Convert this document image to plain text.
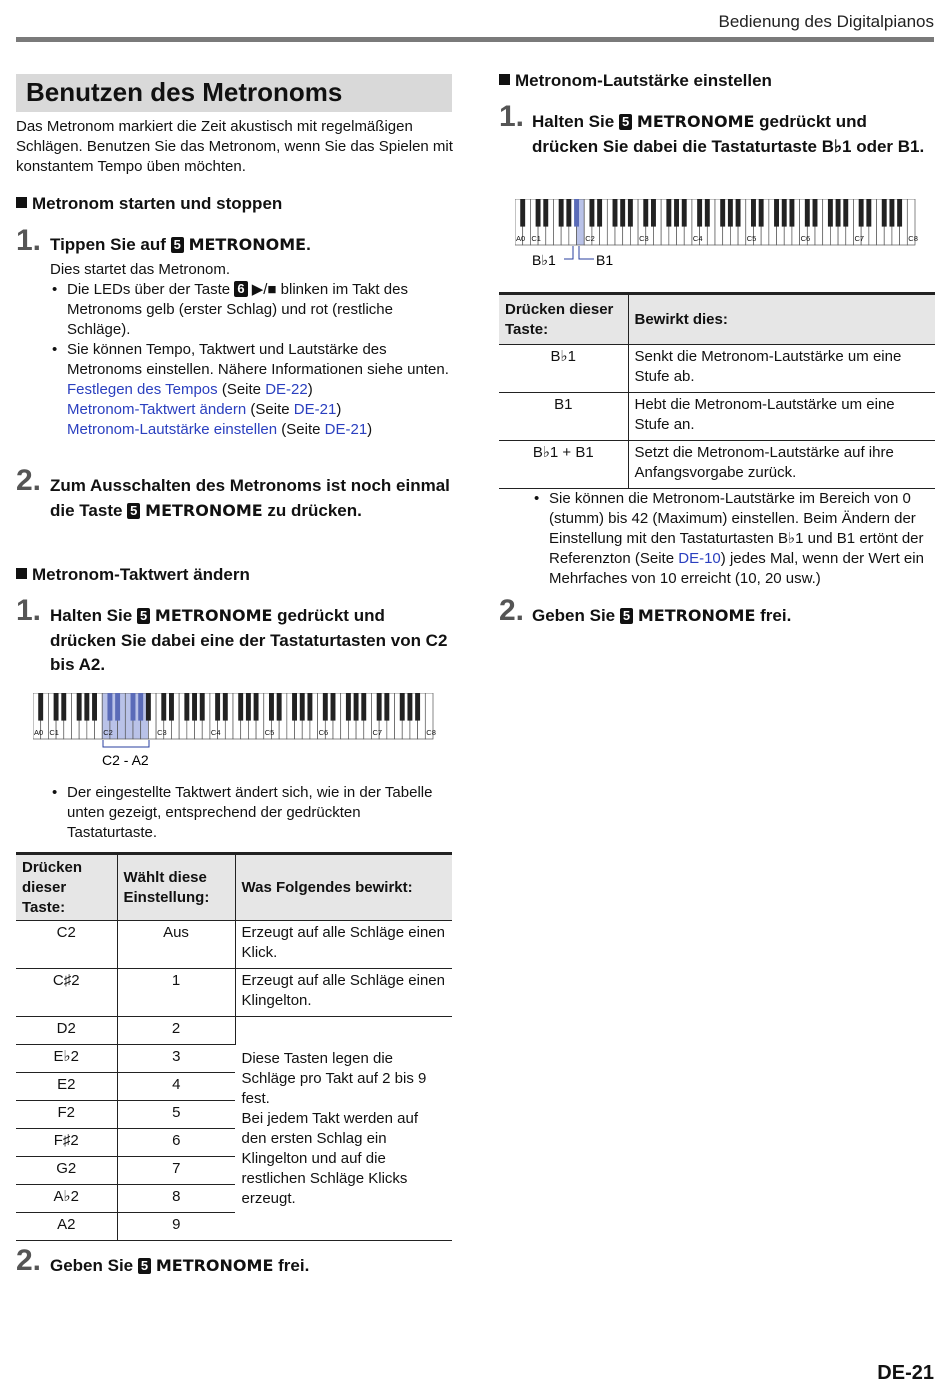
Bedienung des Digitalpianos
Benutzen des Metronoms
Das Metronom markiert die Zeit akustisch mit regelmäßigen Schlägen. Benutzen Sie das Metronom, wenn Sie das Spielen mit konstantem Tempo üben möchten.
Metronom starten und stoppen
1. Tippen Sie auf 5 METRONOME.
Dies startet das Metronom.
• Die LEDs über der Taste 6 ▶/■ blinken im Takt des Metronoms gelb (erster Schlag) und rot (restliche Schläge).
• Sie können Tempo, Taktwert und Lautstärke des Metronoms einstellen. Nähere Informationen siehe unten.
Festlegen des Tempos (Seite DE-22)
Metronom-Taktwert ändern (Seite DE-21)
Metronom-Lautstärke einstellen (Seite DE-21)
2. Zum Ausschalten des Metronoms ist noch einmal die Taste 5 METRONOME zu drücken.
Metronom-Taktwert ändern
1. Halten Sie 5 METRONOME gedrückt und drücken Sie dabei eine der Tastaturtasten von C2 bis A2.
A0 C1	C2	C3	C4	C5	C6	C7	C8
C2 - A2
• Der eingestellte Taktwert ändert sich, wie in der Tabelle unten gezeigt, entsprechend der gedrückten Tastaturtaste.
Drücken dieser Taste:	Wählt diese Einstellung:	Was Folgendes bewirkt:
C2	Aus	Erzeugt auf alle Schläge einen Klick.
C♯2	1	Erzeugt auf alle Schläge einen Klingelton.
D2	2	Diese Tasten legen die Schläge pro Takt auf 2 bis 9 fest.
Bei jedem Takt werden auf den ersten Schlag ein Klingelton und auf die restlichen Schläge Klicks erzeugt.
E♭2	3	
E2	4	
F2	5	
F♯2	6	
G2	7	
A♭2	8	
A2	9	
2. Geben Sie 5 METRONOME frei.
Metronom-Lautstärke einstellen
1. Halten Sie 5 METRONOME gedrückt und drücken Sie dabei die Tastaturtaste B♭1 oder B1.
A0 C1	C2	C3	C4	C5	C6	C7	C8
B♭1	B1
Drücken dieser Taste:	Bewirkt dies:
B♭1	Senkt die Metronom-Lautstärke um eine Stufe ab.
B1	Hebt die Metronom-Lautstärke um eine Stufe an.
B♭1 + B1	Setzt die Metronom-Lautstärke auf ihre Anfangsvorgabe zurück.
• Sie können die Metronom-Lautstärke im Bereich von 0 (stumm) bis 42 (Maximum) einstellen. Beim Ändern der Einstellung mit den Tastaturtasten B♭1 und B1 ertönt der Referenzton (Seite DE-10) jedes Mal, wenn der Wert ein Mehrfaches von 10 erreicht (10, 20 usw.)
2. Geben Sie 5 METRONOME frei.
DE-21
